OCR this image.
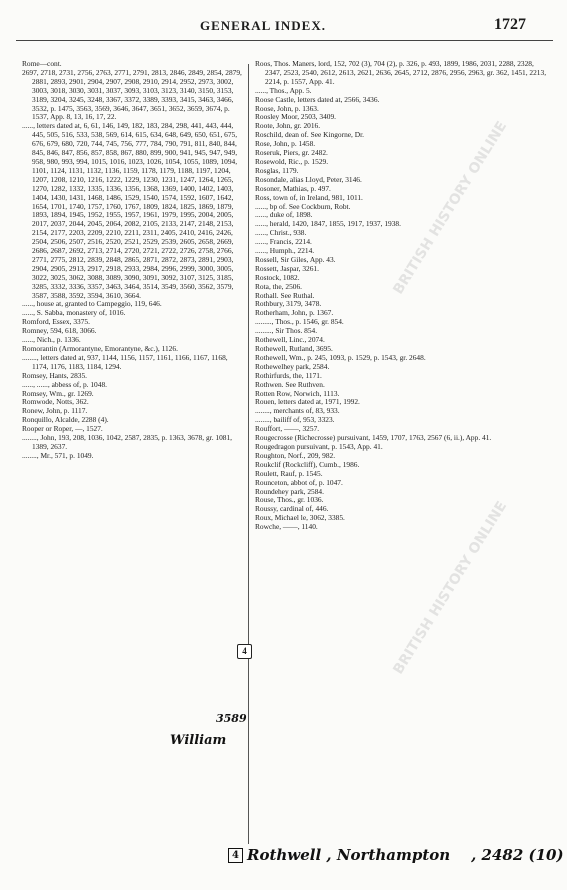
GENERAL INDEX.	1727
BRITISH HISTORY ONLINE
BRITISH HISTORY ONLINE

Rome—cont.

2697, 2718, 2731, 2756, 2763, 2771, 2791, 2813, 2846, 2849, 2854, 2879, 2881, 2893, 2901, 2904, 2907, 2908, 2910, 2914, 2952, 2973, 3002, 3003, 3018, 3030, 3031, 3037, 3093, 3103, 3123, 3140, 3150, 3153, 3189, 3204, 3245, 3248, 3367, 3372, 3389, 3393, 3415, 3463, 3466, 3532, p. 1475, 3563, 3569, 3646, 3647, 3651, 3652, 3659, 3674, p. 1537, App. 8, 13, 16, 17, 22.

......, letters dated at, 6, 61, 146, 149, 182, 183, 284, 298, 441, 443, 444, 445, 505, 516, 533, 538, 569, 614, 615, 634, 648, 649, 650, 651, 675, 676, 679, 680, 720, 744, 745, 756, 777, 784, 790, 791, 811, 840, 844, 845, 846, 847, 856, 857, 858, 867, 880, 899, 900, 941, 945, 947, 949, 958, 980, 993, 994, 1015, 1016, 1023, 1026, 1054, 1055, 1089, 1094, 1101, 1124, 1131, 1132, 1136, 1159, 1178, 1179, 1188, 1197, 1204, 1207, 1208, 1210, 1216, 1222, 1229, 1230, 1231, 1247, 1264, 1265, 1270, 1282, 1332, 1335, 1336, 1356, 1368, 1369, 1400, 1402, 1403, 1404, 1430, 1431, 1468, 1486, 1529, 1540, 1574, 1592, 1607, 1642, 1654, 1701, 1740, 1757, 1760, 1767, 1809, 1824, 1825, 1869, 1879, 1893, 1894, 1945, 1952, 1955, 1957, 1961, 1979, 1995, 2004, 2005, 2017, 2037, 2044, 2045, 2064, 2082, 2105, 2133, 2147, 2148, 2153, 2154, 2177, 2203, 2209, 2210, 2211, 2311, 2405, 2410, 2416, 2426, 2504, 2506, 2507, 2516, 2520, 2521, 2529, 2539, 2605, 2658, 2669, 2686, 2687, 2692, 2713, 2714, 2720, 2721, 2722, 2726, 2758, 2766, 2771, 2775, 2812, 2839, 2848, 2865, 2871, 2872, 2873, 2891, 2903, 2904, 2905, 2913, 2917, 2918, 2933, 2984, 2996, 2999, 3000, 3005, 3022, 3025, 3062, 3088, 3089, 3090, 3091, 3092, 3107, 3125, 3185, 3285, 3332, 3336, 3357, 3463, 3464, 3514, 3549, 3560, 3562, 3579, 3587, 3588, 3592, 3594, 3610, 3664.

......, house at, granted to Campeggio, 119, 646.

......, S. Sabba, monastery of, 1016.

Romford, Essex, 3375.

Romney, 594, 618, 3066.

......, Nich., p. 1336.

Romorantin (Armorantyne, Emorantyne, &c.), 1126.

........, letters dated at, 937, 1144, 1156, 1157, 1161, 1166, 1167, 1168, 1174, 1176, 1183, 1184, 1294.

Romsey, Hants, 2835.

......, ......, abbess of, p. 1048.

Romsey, Wm., gr. 1269.

Romwode, Notts, 362.

Ronew, John, p. 1117.

Ronquillo, Alcalde, 2288 (4).

Rooper or Roper, —, 1527.

........, John, 193, 208, 1036, 1042, 2587, 2835, p. 1363, 3678, gr. 1081, 1389, 2637.

........, Mr., 571, p. 1049.

Roos, Thos. Maners, lord, 152, 702 (3), 704 (2), p. 326, p. 493, 1899, 1986, 2031, 2288, 2328, 2347, 2523, 2540, 2612, 2613, 2621, 2636, 2645, 2712, 2876, 2956, 2963, gr. 362, 1451, 2213, 2214, p. 1557, App. 41.

......, Thos., App. 5.

Roose Castle, letters dated at, 2566, 3436.

Roose, John, p. 1363.

Roosley Moor, 2503, 3409.

Roote, John, gr. 2016.

Roschild, dean of. See Kingorne, Dr.

Rose, John, p. 1458.

Roseruk, Piers, gr. 2482.

Rosewold, Ric., p. 1529.

Rosglas, 1179.

Rosondale, alias Lloyd, Peter, 3146.

Rosoner, Mathias, p. 497.

Ross, town of, in Ireland, 981, 1011.

......, bp of. See Cockburn, Robt.

......, duke of, 1898.

......, herald, 1420, 1847, 1855, 1917, 1937, 1938.

......, Christ., 938.

......, Francis, 2214.

......, Humph., 2214.

Rossell, Sir Giles, App. 43.

Rossett, Jaspar, 3261.

Rostock, 1082.

Rota, the, 2506.

Rothall. See Ruthal.

Rothbury, 3179, 3478.

Rotherham, John, p. 1367.

........., Thos., p. 1546, gr. 854.

........., Sir Thos. 854.

Rothewell, Linc., 2074.

Rothewell, Rutland, 3695.

Rothewell, Wm., p. 245, 1093, p. 1529, p. 1543, gr. 2648.

Rothewelhey park, 2584.

Rothirfurds, the, 1171.

Rothwen. See Ruthven.

Rotten Row, Norwich, 1113.

Rouen, letters dated at, 1971, 1992.

........, merchants of, 83, 933.

........, bailiff of, 953, 3323.

Rouffort, ——, 3257.

Rougecrosse (Richecrosse) pursuivant, 1459, 1707, 1763, 2567 (6, ii.), App. 41.

Rougedragon pursuivant, p. 1543, App. 41.

Roughton, Norf., 209, 982.

Roukclif (Rockcliff), Cumb., 1986.

Roulett, Rauf, p. 1545.

Rounceton, abbot of, p. 1047.

Roundehey park, 2584.

Rouse, Thos., gr. 1036.

Roussy, cardinal of, 446.

Roux, Michael le, 3062, 3385.

Rowche, ——, 1140.

4
3589
William
4 Rothwell , Northampton , 2482 (10)
